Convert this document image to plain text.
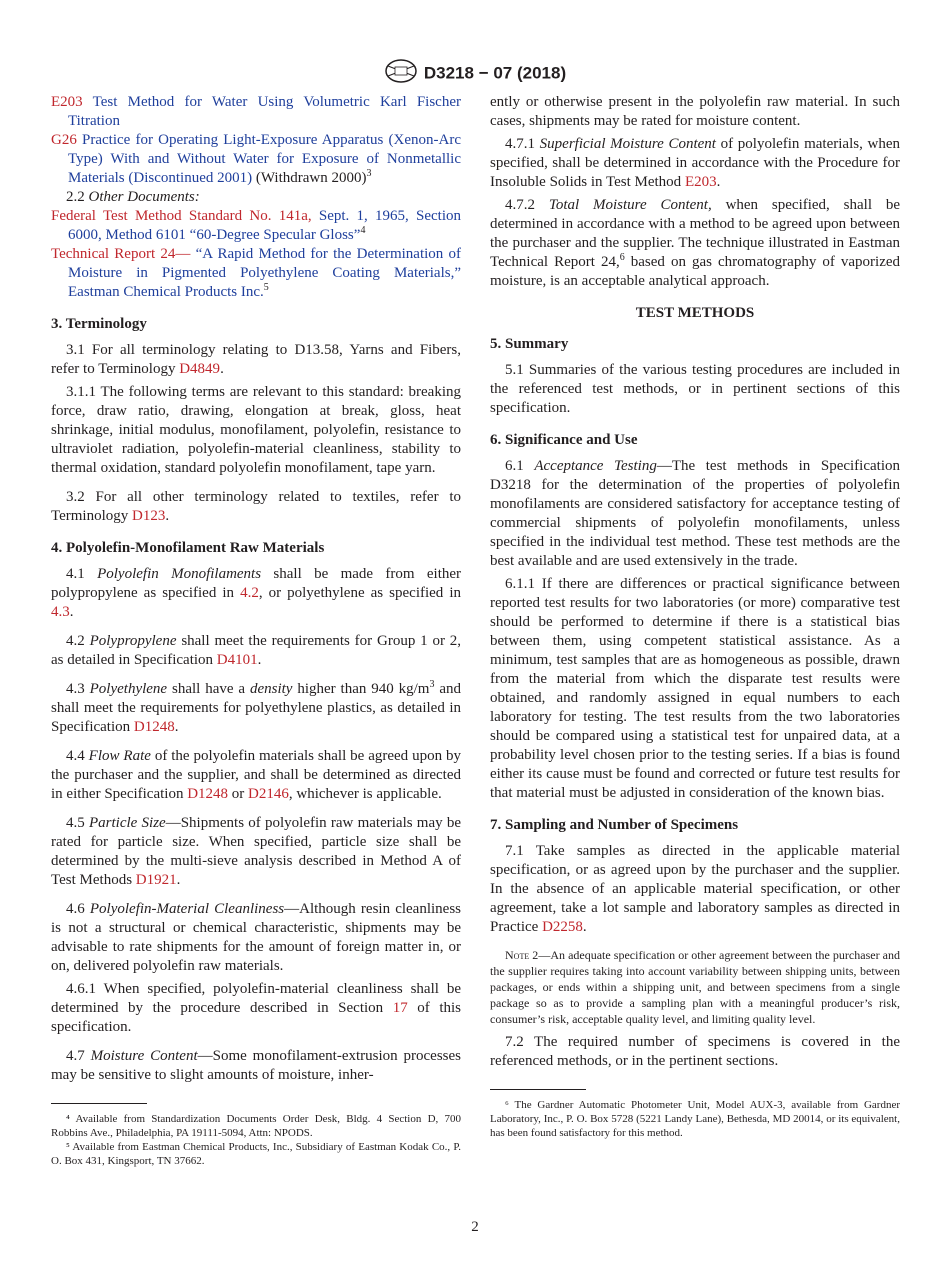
D3218 − 07 (2018)

E203 Test Method for Water Using Volumetric Karl Fischer Titration

G26 Practice for Operating Light-Exposure Apparatus (Xenon-Arc Type) With and Without Water for Exposure of Nonmetallic Materials (Discontinued 2001) (Withdrawn 2000)$^3$

2.2 Other Documents:

Federal Test Method Standard No. 141a, Sept. 1, 1965, Section 6000, Method 6101 “60-Degree Specular Gloss”$^4$

Technical Report 24— “A Rapid Method for the Determination of Moisture in Pigmented Polyethylene Coating Materials,” Eastman Chemical Products Inc.$^5$

3. Terminology

3.1 For all terminology relating to D13.58, Yarns and Fibers, refer to Terminology D4849.

3.1.1 The following terms are relevant to this standard: breaking force, draw ratio, drawing, elongation at break, gloss, heat shrinkage, initial modulus, monofilament, polyolefin, resistance to ultraviolet radiation, polyolefin-material cleanliness, stability to thermal oxidation, standard polyolefin monofilament, tape yarn.

3.2 For all other terminology related to textiles, refer to Terminology D123.

4. Polyolefin-Monofilament Raw Materials

4.1 Polyolefin Monofilaments shall be made from either polypropylene as specified in 4.2, or polyethylene as specified in 4.3.

4.2 Polypropylene shall meet the requirements for Group 1 or 2, as detailed in Specification D4101.

4.3 Polyethylene shall have a density higher than 940 $kg/m^3$ and shall meet the requirements for polyethylene plastics, as detailed in Specification D1248.

4.4 Flow Rate of the polyolefin materials shall be agreed upon by the purchaser and the supplier, and shall be determined as directed in either Specification D1248 or D2146, whichever is applicable.

4.5 Particle Size—Shipments of polyolefin raw materials may be rated for particle size. When specified, particle size shall be determined by the multi-sieve analysis described in Method A of Test Methods D1921.

4.6 Polyolefin-Material Cleanliness—Although resin cleanliness is not a structural or chemical characteristic, shipments may be advisable to rate shipments for the amount of foreign matter in, or on, delivered polyolefin raw materials.

4.6.1 When specified, polyolefin-material cleanliness shall be determined by the procedure described in Section 17 of this specification.

4.7 Moisture Content—Some monofilament-extrusion processes may be sensitive to slight amounts of moisture, inher-

⁴ Available from Standardization Documents Order Desk, Bldg. 4 Section D, 700 Robbins Ave., Philadelphia, PA 19111-5094, Attn: NPODS.

⁵ Available from Eastman Chemical Products, Inc., Subsidiary of Eastman Kodak Co., P. O. Box 431, Kingsport, TN 37662.

ently or otherwise present in the polyolefin raw material. In such cases, shipments may be rated for moisture content.

4.7.1 Superficial Moisture Content of polyolefin materials, when specified, shall be determined in accordance with the Procedure for Insoluble Solids in Test Method E203.

4.7.2 Total Moisture Content, when specified, shall be determined in accordance with a method to be agreed upon between the purchaser and the supplier. The technique illustrated in Eastman Technical Report 24,$^6$ based on gas chromatography of vaporized moisture, is an acceptable analytical approach.

TEST METHODS
5. Summary

5.1 Summaries of the various testing procedures are included in the referenced test methods, or in pertinent sections of this specification.

6. Significance and Use

6.1 Acceptance Testing—The test methods in Specification D3218 for the determination of the properties of polyolefin monofilaments are considered satisfactory for acceptance testing of commercial shipments of polyolefin monofilaments, unless specified in the individual test method. These test methods are the best available and are used extensively in the trade.

6.1.1 If there are differences or practical significance between reported test results for two laboratories (or more) comparative test should be performed to determine if there is a statistical bias between them, using competent statistical assistance. As a minimum, test samples that are as homogeneous as possible, drawn from the material from which the disparate test results were obtained, and randomly assigned in equal numbers to each laboratory for testing. The test results from the two laboratories should be compared using a statistical test for unpaired data, at a probability level chosen prior to the testing series. If a bias is found either its cause must be found and corrected or future test results for that material must be adjusted in consideration of the known bias.

7. Sampling and Number of Specimens

7.1 Take samples as directed in the applicable material specification, or as agreed upon by the purchaser and the supplier. In the absence of an applicable material specification, or other agreement, take a lot sample and laboratory samples as directed in Practice D2258.

Note 2—An adequate specification or other agreement between the purchaser and the supplier requires taking into account variability between shipping units, between packages, or ends within a shipping unit, and between specimens from a single package so as to provide a sampling plan with a meaningful producer’s risk, consumer’s risk, acceptable quality level, and limiting quality level.

7.2 The required number of specimens is covered in the referenced methods, or in the pertinent sections.

⁶ The Gardner Automatic Photometer Unit, Model AUX-3, available from Gardner Laboratory, Inc., P. O. Box 5728 (5221 Landy Lane), Bethesda, MD 20014, or its equivalent, has been found satisfactory for this method.

2
